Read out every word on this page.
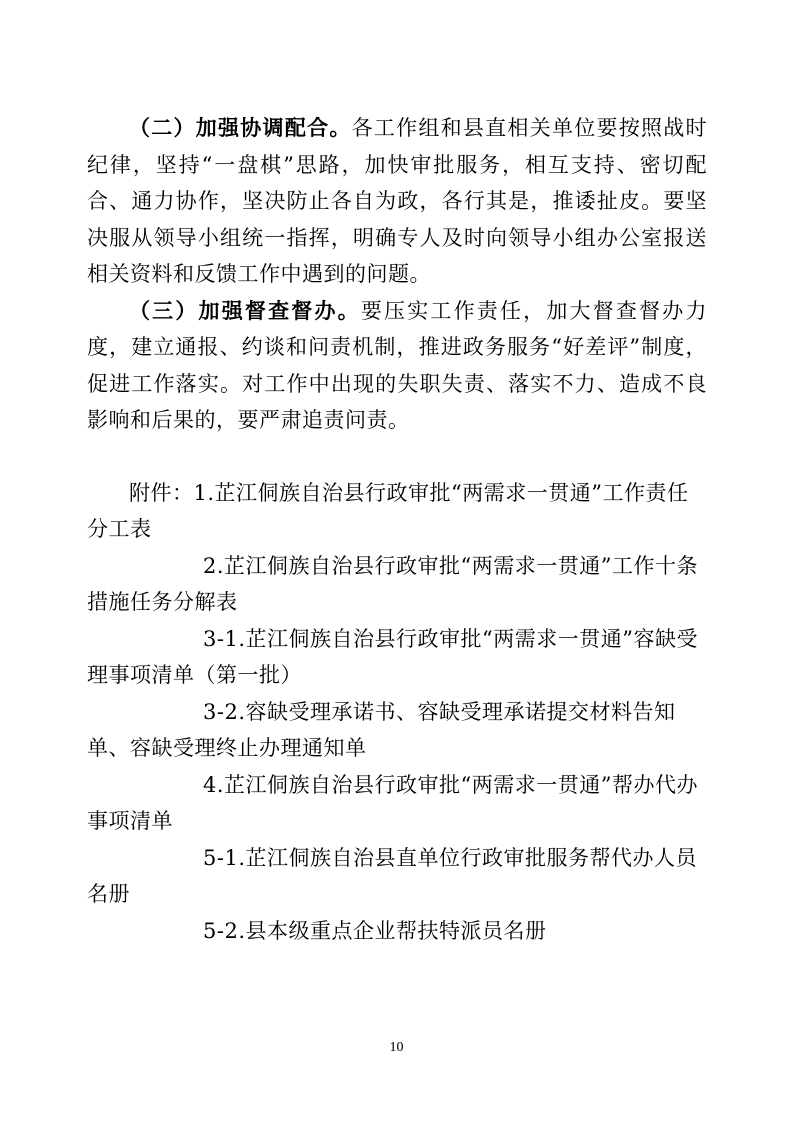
（二）加强协调配合。各工作组和县直相关单位要按照战时纪律，坚持“一盘棋”思路，加快审批服务，相互支持、密切配合、通力协作，坚决防止各自为政，各行其是，推诿扯皮。要坚决服从领导小组统一指挥，明确专人及时向领导小组办公室报送相关资料和反馈工作中遇到的问题。

（三）加强督查督办。要压实工作责任，加大督查督办力度，建立通报、约谈和问责机制，推进政务服务“好差评”制度，促进工作落实。对工作中出现的失职失责、落实不力、造成不良影响和后果的，要严肃追责问责。

附件：1.芷江侗族自治县行政审批“两需求一贯通”工作责任分工表

2.芷江侗族自治县行政审批“两需求一贯通”工作十条措施任务分解表

3-1.芷江侗族自治县行政审批“两需求一贯通”容缺受理事项清单（第一批）

3-2.容缺受理承诺书、容缺受理承诺提交材料告知单、容缺受理终止办理通知单

4.芷江侗族自治县行政审批“两需求一贯通”帮办代办事项清单

5-1.芷江侗族自治县直单位行政审批服务帮代办人员名册

5-2.县本级重点企业帮扶特派员名册

10
